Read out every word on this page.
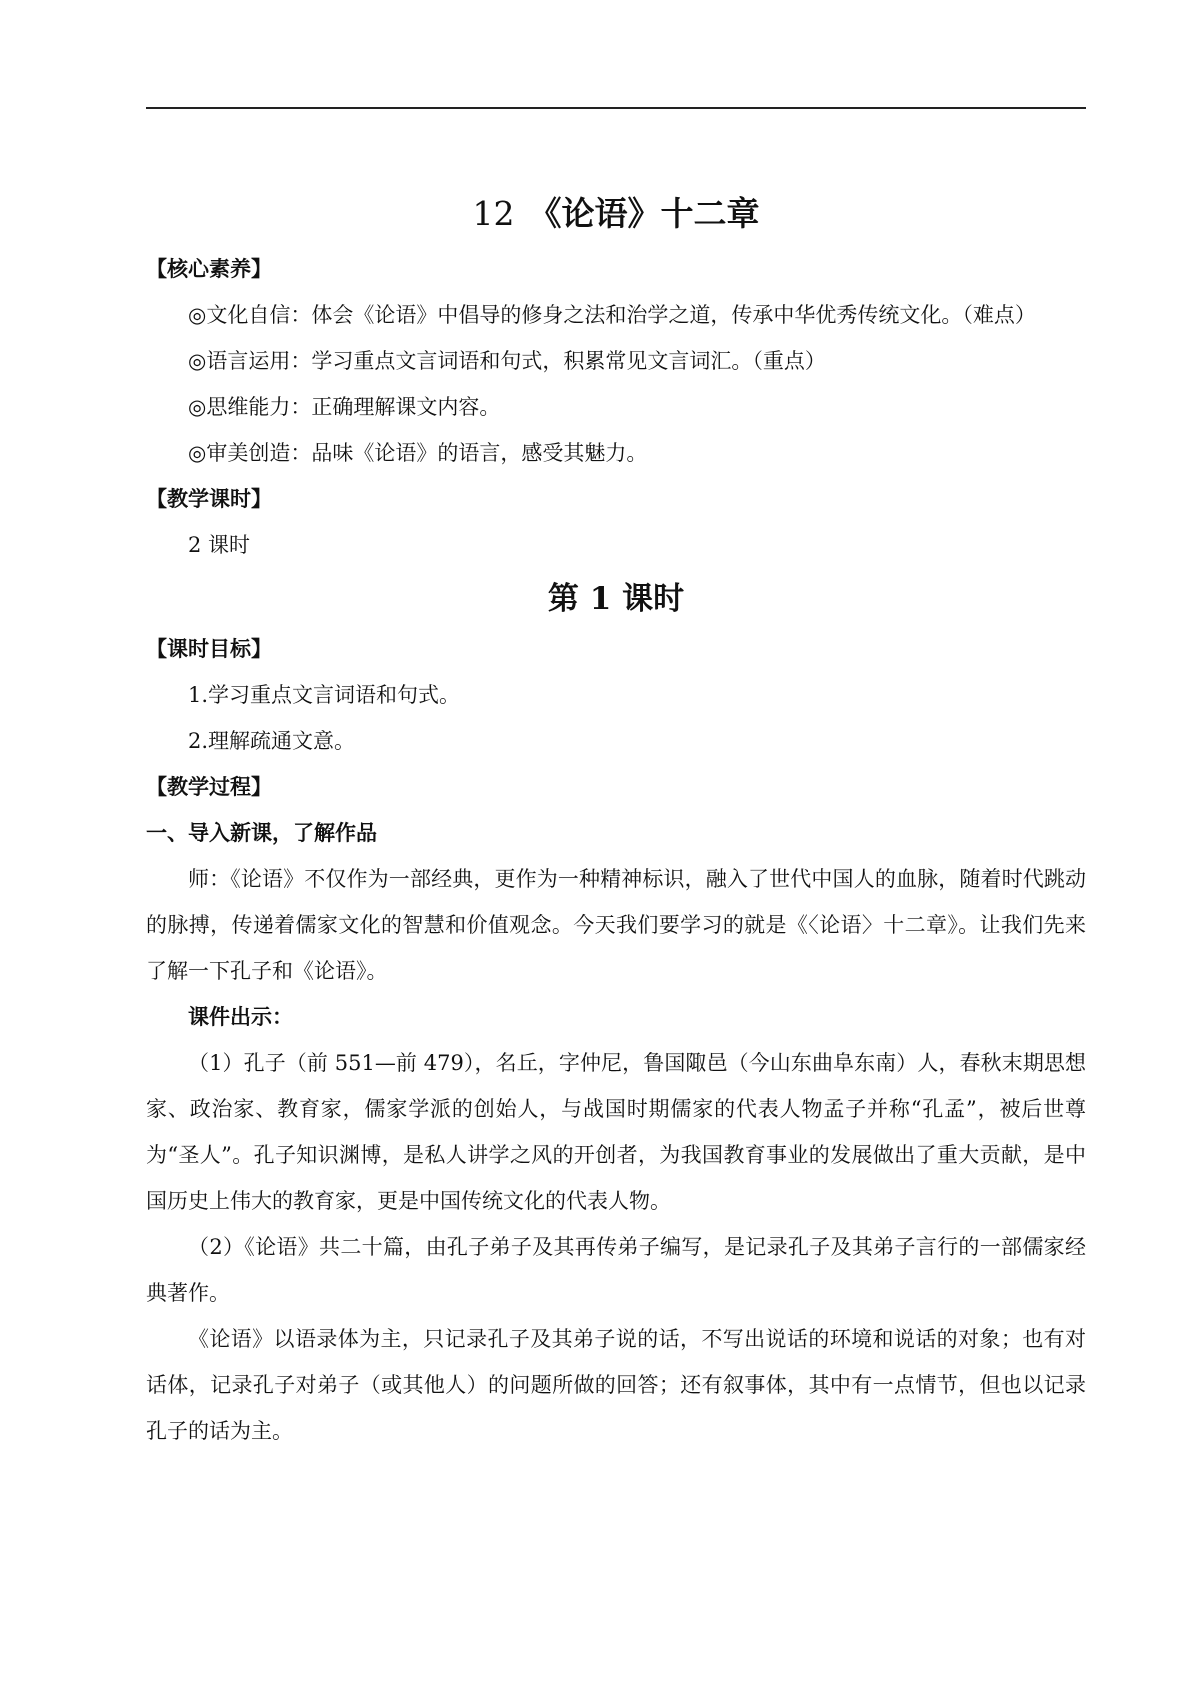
12 《论语》十二章

【核心素养】

◎文化自信：体会《论语》中倡导的修身之法和治学之道，传承中华优秀传统文化。（难点）

◎语言运用：学习重点文言词语和句式，积累常见文言词汇。（重点）

◎思维能力：正确理解课文内容。

◎审美创造：品味《论语》的语言，感受其魅力。

【教学课时】

2 课时

第 1 课时

【课时目标】

1.学习重点文言词语和句式。

2.理解疏通文意。

【教学过程】

一、导入新课，了解作品

师：《论语》不仅作为一部经典，更作为一种精神标识，融入了世代中国人的血脉，随着时代跳动的脉搏，传递着儒家文化的智慧和价值观念。今天我们要学习的就是《〈论语〉十二章》。让我们先来了解一下孔子和《论语》。

课件出示：

（1）孔子（前 551—前 479），名丘，字仲尼，鲁国陬邑（今山东曲阜东南）人，春秋末期思想家、政治家、教育家，儒家学派的创始人，与战国时期儒家的代表人物孟子并称“孔孟”，被后世尊为“圣人”。孔子知识渊博，是私人讲学之风的开创者，为我国教育事业的发展做出了重大贡献，是中国历史上伟大的教育家，更是中国传统文化的代表人物。

（2）《论语》共二十篇，由孔子弟子及其再传弟子编写，是记录孔子及其弟子言行的一部儒家经典著作。

《论语》以语录体为主，只记录孔子及其弟子说的话，不写出说话的环境和说话的对象；也有对话体，记录孔子对弟子（或其他人）的问题所做的回答；还有叙事体，其中有一点情节，但也以记录孔子的话为主。
